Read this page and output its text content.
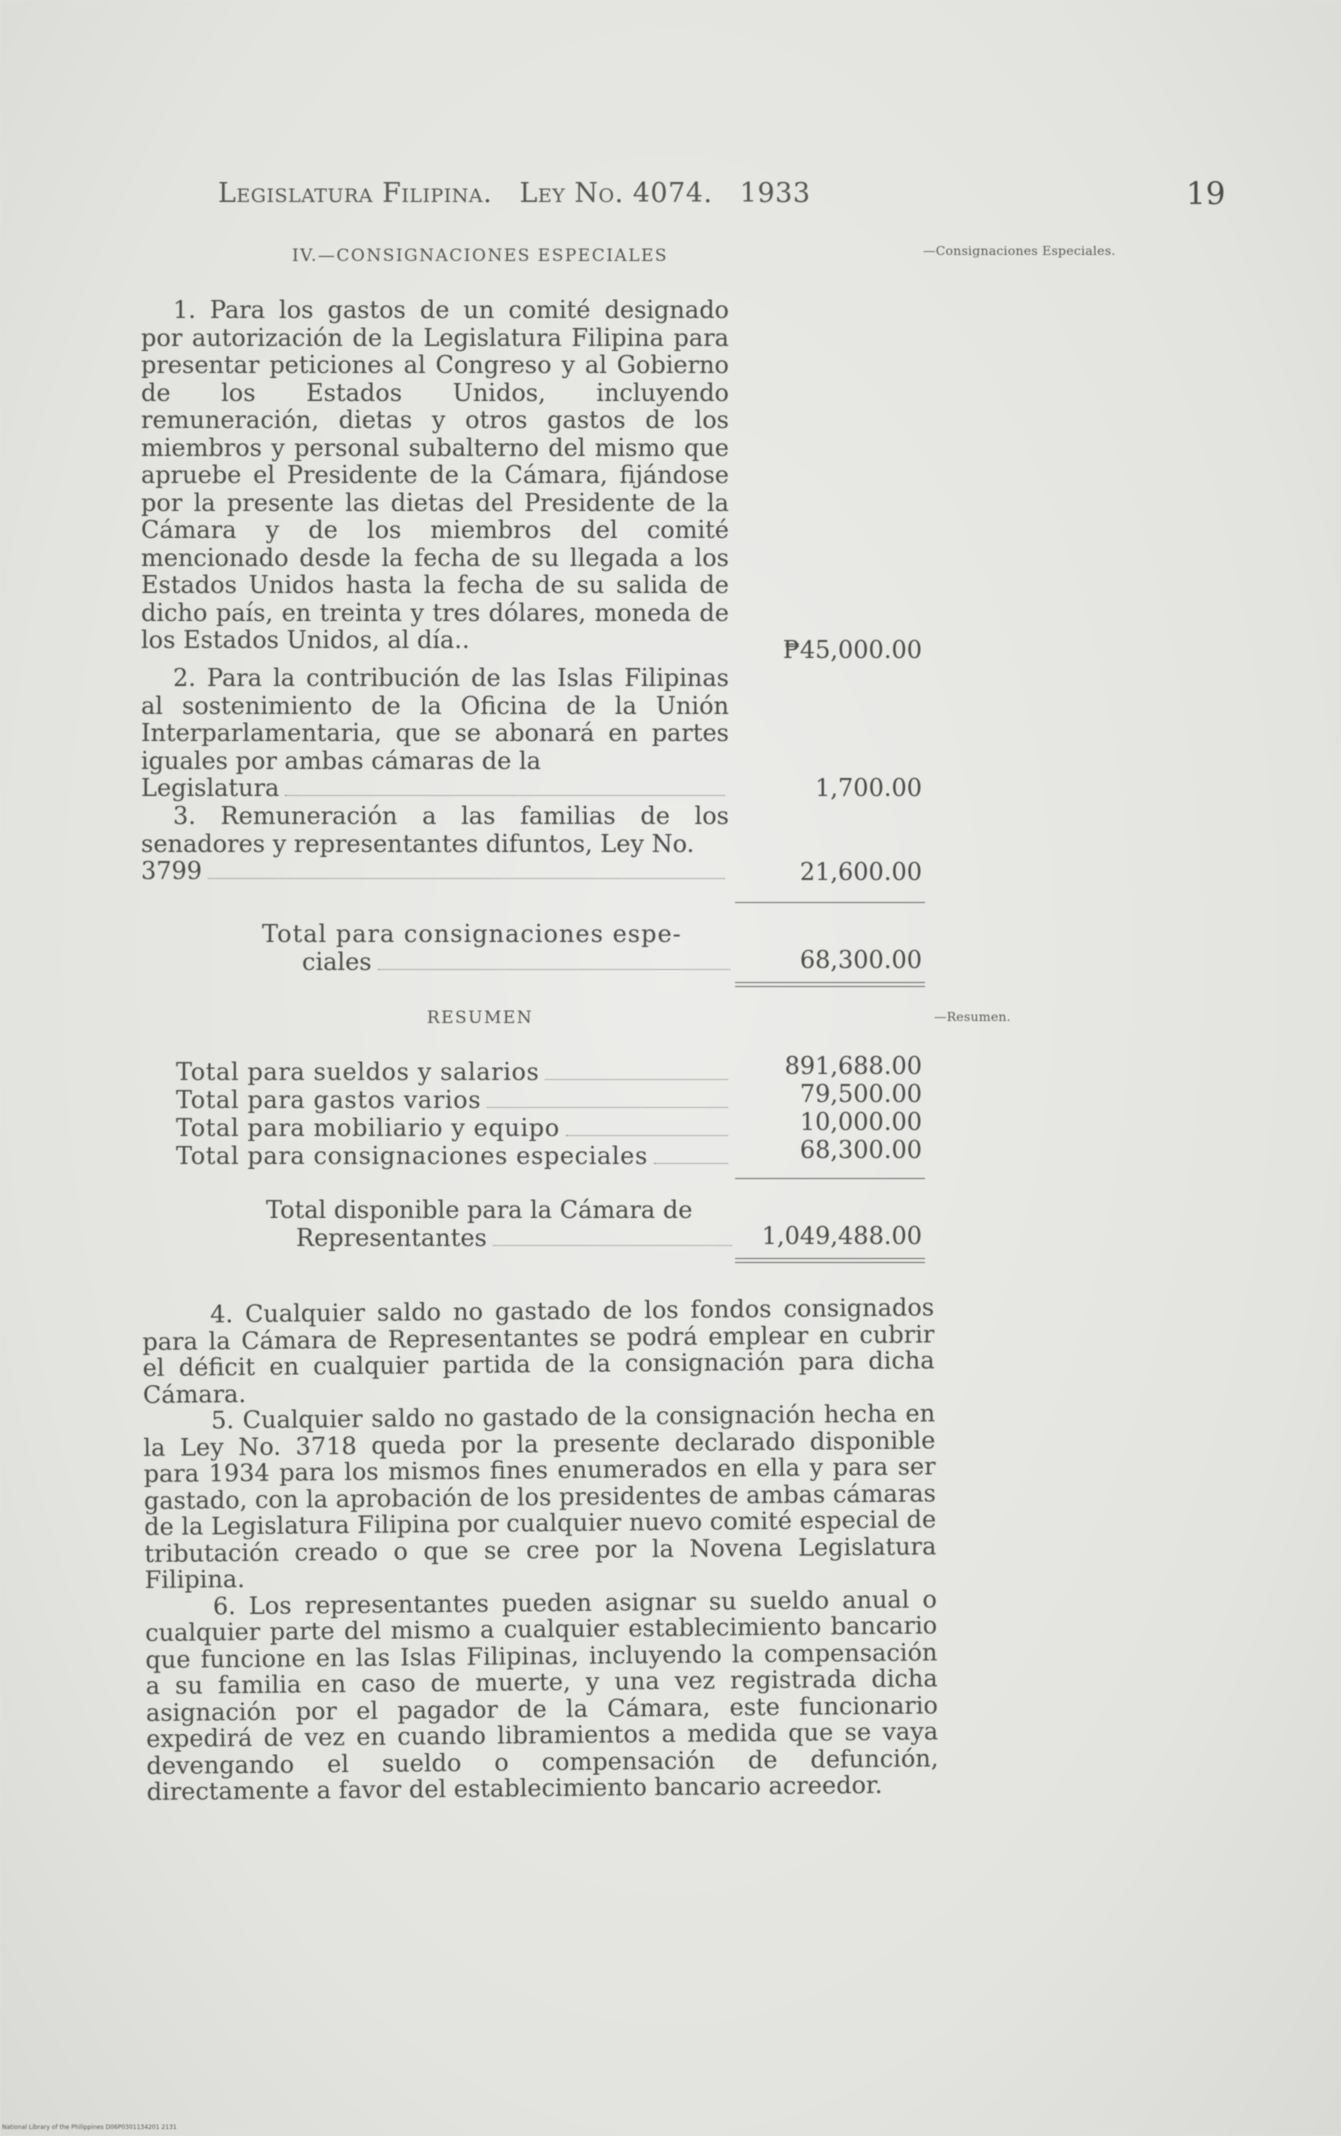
Legislatura Filipina. Ley No. 4074. 1933	19
IV.—CONSIGNACIONES ESPECIALES	—Consignaciones Especiales.

1. Para los gastos de un comité designado por autorización de la Legislatura Filipina para presentar peticiones al Congreso y al Gobierno de los Estados Unidos, incluyendo remuneración, dietas y otros gastos de los miembros y personal subalterno del mismo que apruebe el Presidente de la Cámara, fijándose por la presente las dietas del Presidente de la Cámara y de los miembros del comité mencionado desde la fecha de su llegada a los Estados Unidos hasta la fecha de su salida de dicho país, en treinta y tres dólares, moneda de los Estados Unidos, al día..	₱45,000.00

2. Para la contribución de las Islas Filipinas al sostenimiento de la Oficina de la Unión Interparlamentaria, que se abonará en partes iguales por ambas cámaras de la

Legislatura	1,700.00

3. Remuneración a las familias de los senadores y representantes difuntos, Ley No.

3799	21,600.00
Total para consignaciones espe-
ciales	68,300.00
RESUMEN	—Resumen.
Total para sueldos y salarios	891,688.00
Total para gastos varios	79,500.00
Total para mobiliario y equipo	10,000.00
Total para consignaciones especiales	68,300.00
Total disponible para la Cámara de
Representantes	1,049,488.00

4. Cualquier saldo no gastado de los fondos consignados para la Cámara de Representantes se podrá emplear en cubrir el déficit en cualquier partida de la consignación para dicha Cámara.

5. Cualquier saldo no gastado de la consignación hecha en la Ley No. 3718 queda por la presente declarado disponible para 1934 para los mismos fines enumerados en ella y para ser gastado, con la aprobación de los presidentes de ambas cámaras de la Legislatura Filipina por cualquier nuevo comité especial de tributación creado o que se cree por la Novena Legislatura Filipina.

6. Los representantes pueden asignar su sueldo anual o cualquier parte del mismo a cualquier establecimiento bancario que funcione en las Islas Filipinas, incluyendo la compensación a su familia en caso de muerte, y una vez registrada dicha asignación por el pagador de la Cámara, este funcionario expedirá de vez en cuando libramientos a medida que se vaya devengando el sueldo o compensación de defunción, directamente a favor del establecimiento bancario acreedor.

National Library of the Philippines D06P0301134201 2131
